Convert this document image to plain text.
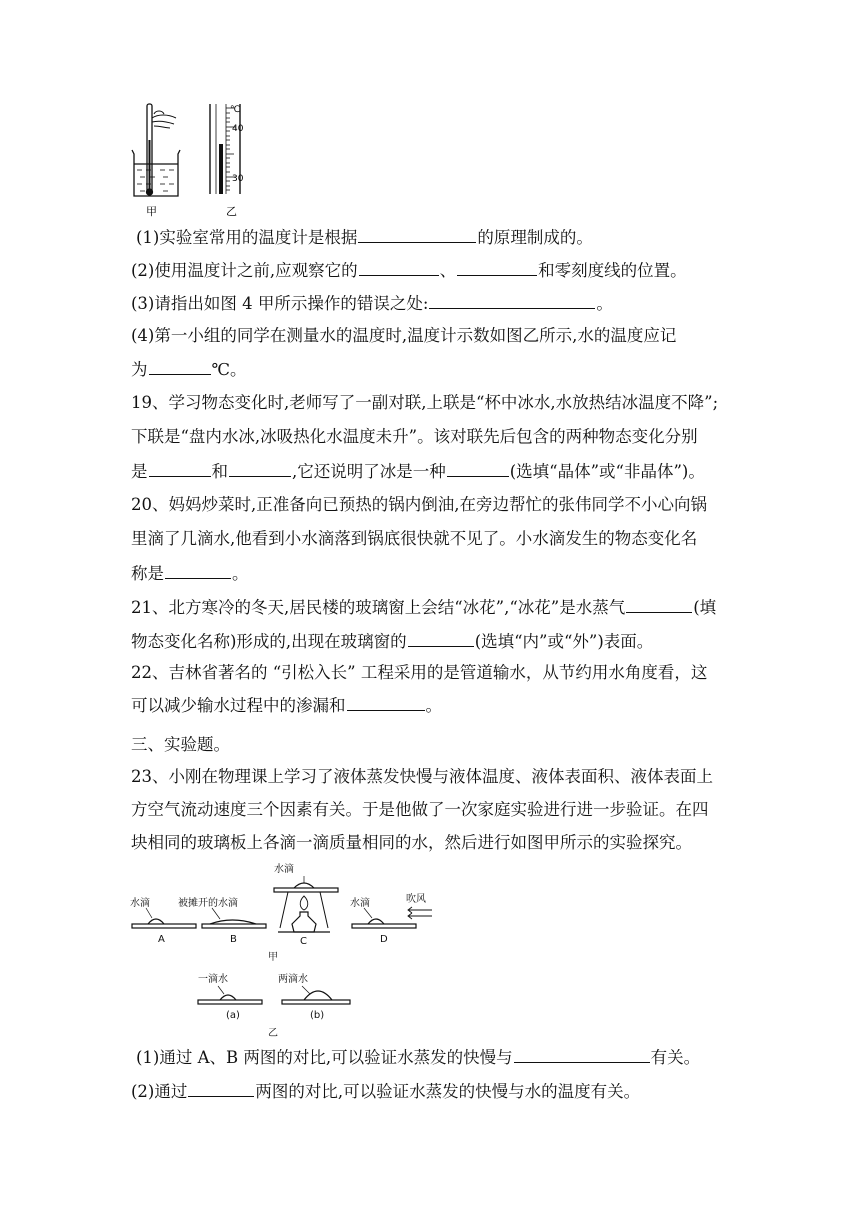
℃
40
30
甲	乙
(1)实验室常用的温度计是根据	的原理制成的。
(2)使用温度计之前,应观察它的	、	和零刻度线的位置。
(3)请指出如图 4 甲所示操作的错误之处:	。
(4)第一小组的同学在测量水的温度时,温度计示数如图乙所示,水的温度应记
为	℃。
19、学习物态变化时,老师写了一副对联,上联是“杯中冰水,水放热结冰温度不降”;
下联是“盘内水冰,冰吸热化水温度未升”。该对联先后包含的两种物态变化分别
是	和	,它还说明了冰是一种	(选填“晶体”或“非晶体”)。
20、妈妈炒菜时,正准备向已预热的锅内倒油,在旁边帮忙的张伟同学不小心向锅
里滴了几滴水,他看到小水滴落到锅底很快就不见了。小水滴发生的物态变化名
称是	。
21、北方寒冷的冬天,居民楼的玻璃窗上会结“冰花”,“冰花”是水蒸气	(填
物态变化名称)形成的,出现在玻璃窗的	(选填“内”或“外”)表面。
22、吉林省著名的 “引松入长” 工程采用的是管道输水，从节约用水角度看，这
可以减少输水过程中的渗漏和	。
三、实验题。
23、小刚在物理课上学习了液体蒸发快慢与液体温度、液体表面积、液体表面上
方空气流动速度三个因素有关。于是他做了一次家庭实验进行进一步验证。在四
块相同的玻璃板上各滴一滴质量相同的水，然后进行如图甲所示的实验探究。
水滴	被摊开的水滴
水滴
水滴	吹风
A	B	C	D
甲
一滴水	两滴水
(a)	(b)
乙
(1)通过 A、B 两图的对比,可以验证水蒸发的快慢与	有关。
(2)通过	两图的对比,可以验证水蒸发的快慢与水的温度有关。
